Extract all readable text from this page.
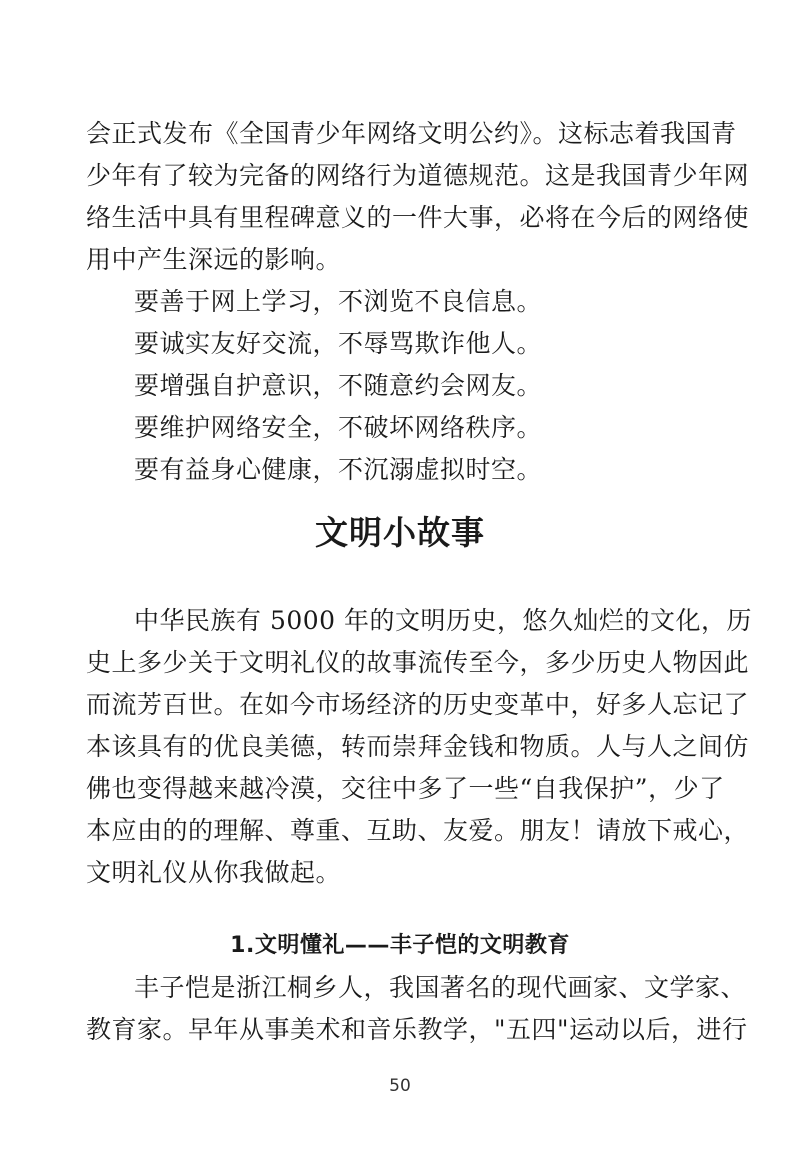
会正式发布《全国青少年网络文明公约》。这标志着我国青
少年有了较为完备的网络行为道德规范。这是我国青少年网
络生活中具有里程碑意义的一件大事，必将在今后的网络使
用中产生深远的影响。
要善于网上学习，不浏览不良信息。
要诚实友好交流，不辱骂欺诈他人。
要增强自护意识，不随意约会网友。
要维护网络安全，不破坏网络秩序。
要有益身心健康，不沉溺虚拟时空。
文明小故事
中华民族有 5000 年的文明历史，悠久灿烂的文化，历
史上多少关于文明礼仪的故事流传至今，多少历史人物因此
而流芳百世。在如今市场经济的历史变革中，好多人忘记了
本该具有的优良美德，转而崇拜金钱和物质。人与人之间仿
佛也变得越来越冷漠，交往中多了一些“自我保护”，少了
本应由的的理解、尊重、互助、友爱。朋友！请放下戒心，
文明礼仪从你我做起。
1.文明懂礼——丰子恺的文明教育
丰子恺是浙江桐乡人，我国著名的现代画家、文学家、
教育家。早年从事美术和音乐教学，"五四"运动以后，进行
50
